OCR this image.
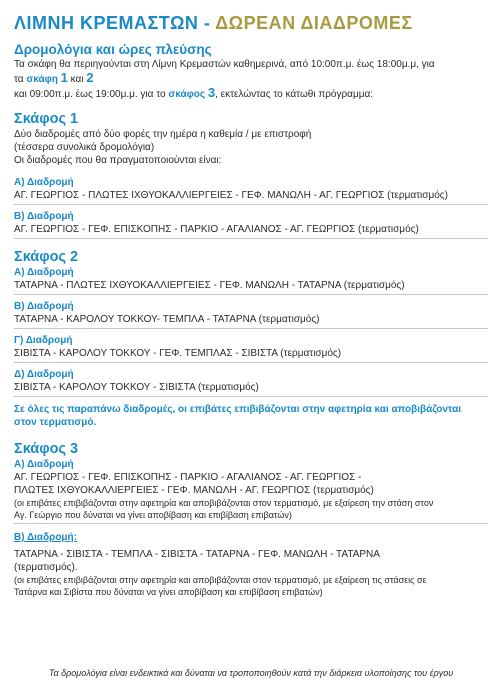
ΛΙΜΝΗ ΚΡΕΜΑΣΤΩΝ - ΔΩΡΕΑΝ ΔΙΑΔΡΟΜΕΣ
Δρομολόγια και ώρες πλεύσης
Τα σκάφη θα περιηγούνται στη Λίμνη Κρεμαστών καθημερινά, από 10:00π.μ. έως 18:00μ.μ, για
τα σκάφη 1 και 2
και 09:00π.μ. έως 19:00μ.μ. για το σκάφος 3, εκτελώντας το κάτωθι πρόγραμμα:
Σκάφος 1
Δύο διαδρομές από δύο φορές την ημέρα η καθεμία / με επιστροφή
(τέσσερα συνολικά δρομολόγια)
Οι διαδρομές που θα πραγματοποιούνται είναι:
Α) Διαδρομή
ΑΓ. ΓΕΩΡΓΙΟΣ - ΠΛΩΤΕΣ ΙΧΘΥΟΚΑΛΛΙΕΡΓΕΙΕΣ - ΓΕΦ. ΜΑΝΩΛΗ - ΑΓ. ΓΕΩΡΓΙΟΣ (τερματισμός)
Β) Διαδρομή
ΑΓ. ΓΕΩΡΓΙΟΣ - ΓΕΦ. ΕΠΙΣΚΟΠΗΣ - ΠΑΡΚΙΟ - ΑΓΑΛΙΑΝΟΣ - ΑΓ. ΓΕΩΡΓΙΟΣ (τερματισμός)
Σκάφος 2
Α) Διαδρομή
ΤΑΤΑΡΝΑ - ΠΛΩΤΕΣ ΙΧΘΥΟΚΑΛΛΙΕΡΓΕΙΕΣ - ΓΕΦ. ΜΑΝΩΛΗ - ΤΑΤΑΡΝΑ (τερματισμός)
Β) Διαδρομή
ΤΑΤΑΡΝΑ - ΚΑΡΟΛΟΥ ΤΟΚΚΟΥ- ΤΕΜΠΛΑ - ΤΑΤΑΡΝΑ (τερματισμός)
Γ) Διαδρομή
ΣΙΒΙΣΤΑ - ΚΑΡΟΛΟΥ ΤΟΚΚΟΥ - ΓΕΦ. ΤΕΜΠΛΑΣ - ΣΙΒΙΣΤΑ (τερματισμός)
Δ) Διαδρομή
ΣΙΒΙΣΤΑ - ΚΑΡΟΛΟΥ ΤΟΚΚΟΥ - ΣΙΒΙΣΤΑ (τερματισμός)
Σε όλες τις παραπάνω διαδρομές, οι επιβάτες επιβιβάζονται στην αφετηρία και αποβιβάζονται
στον τερματισμό.
Σκάφος 3
Α) Διαδρομή
ΑΓ. ΓΕΩΡΓΙΟΣ - ΓΕΦ. ΕΠΙΣΚΟΠΗΣ - ΠΑΡΚΙΟ - ΑΓΑΛΙΑΝΟΣ - ΑΓ. ΓΕΩΡΓΙΟΣ -
ΠΛΩΤΕΣ ΙΧΘΥΟΚΑΛΛΙΕΡΓΕΙΕΣ - ΓΕΦ. ΜΑΝΩΛΗ - ΑΓ. ΓΕΩΡΓΙΟΣ (τερματισμός)
(οι επιβάτες επιβιβάζονται στην αφετηρία και αποβιβάζονται στον τερματισμό, με εξαίρεση την στάση στον
Αγ. Γεώργιο που δύναται να γίνει αποβίβαση και επιβίβαση επιβατών)
Β) Διαδρομή:
ΤΑΤΑΡΝΑ - ΣΙΒΙΣΤΑ - ΤΕΜΠΛΑ - ΣΙΒΙΣΤΑ - ΤΑΤΑΡΝΑ - ΓΕΦ. ΜΑΝΩΛΗ - ΤΑΤΑΡΝΑ
(τερματισμός).
(οι επιβάτες επιβιβάζονται στην αφετηρία και αποβιβάζονται στον τερματισμό, με εξαίρεση τις στάσεις σε
Τατάρνα και Σιβίστα που δύναται να γίνει αποβίβαση και επιβίβαση επιβατών)
Τα δρομολόγια είναι ενδεικτικά και δύναται να τροποποιηθούν κατά την διάρκεια υλοποίησης του έργου
